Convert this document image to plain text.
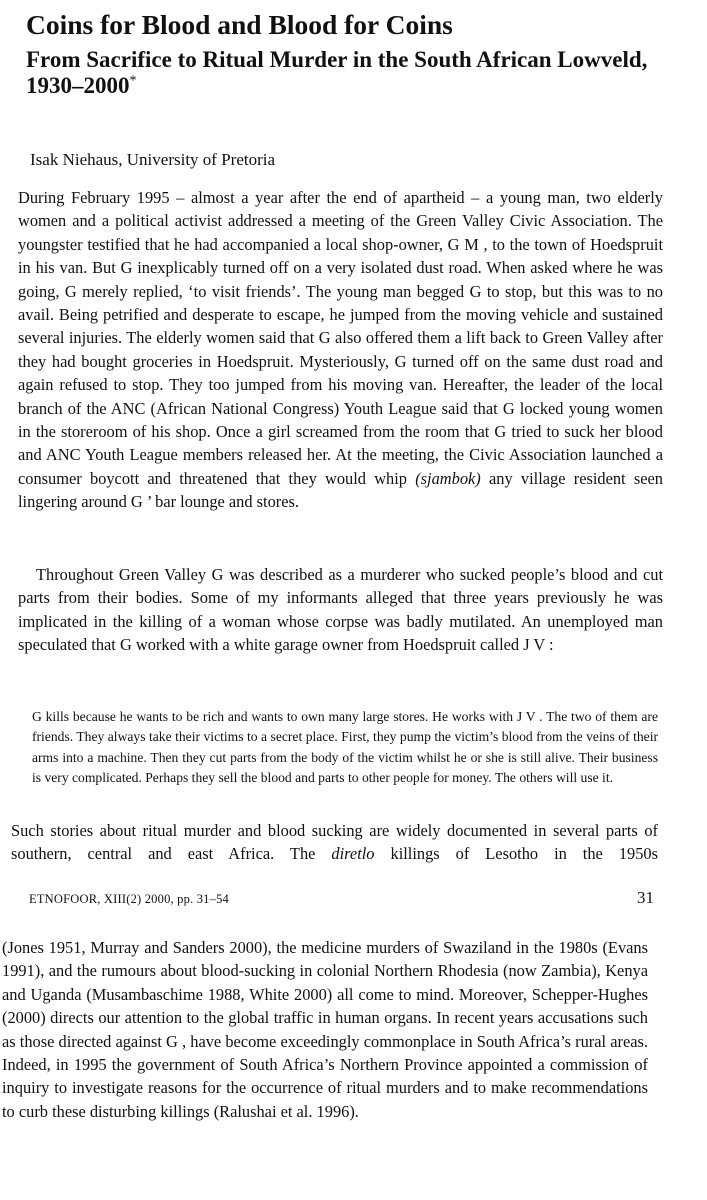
Coins for Blood and Blood for Coins
From Sacrifice to Ritual Murder in the South African Lowveld, 1930–2000*
Isak Niehaus, University of Pretoria
During February 1995 – almost a year after the end of apartheid – a young man, two elderly women and a political activist addressed a meeting of the Green Valley Civic Association. The youngster testified that he had accompanied a local shop-owner, G M , to the town of Hoedspruit in his van. But G inexplicably turned off on a very isolated dust road. When asked where he was going, G merely replied, ‘to visit friends’. The young man begged G to stop, but this was to no avail. Being petrified and desperate to escape, he jumped from the moving vehicle and sustained several injuries. The elderly women said that G also offered them a lift back to Green Valley after they had bought groceries in Hoedspruit. Mysteriously, G turned off on the same dust road and again refused to stop. They too jumped from his moving van. Hereafter, the leader of the local branch of the ANC (African National Congress) Youth League said that G locked young women in the storeroom of his shop. Once a girl screamed from the room that G tried to suck her blood and ANC Youth League members released her. At the meeting, the Civic Association launched a consumer boycott and threatened that they would whip (sjambok) any village resident seen lingering around G ’ bar lounge and stores.
Throughout Green Valley G was described as a murderer who sucked people’s blood and cut parts from their bodies. Some of my informants alleged that three years previously he was implicated in the killing of a woman whose corpse was badly mutilated. An unemployed man speculated that G worked with a white garage owner from Hoedspruit called J V :
G kills because he wants to be rich and wants to own many large stores. He works with J V . The two of them are friends. They always take their victims to a secret place. First, they pump the victim’s blood from the veins of their arms into a machine. Then they cut parts from the body of the victim whilst he or she is still alive. Their business is very complicated. Perhaps they sell the blood and parts to other people for money. The others will use it.
Such stories about ritual murder and blood sucking are widely documented in several parts of southern, central and east Africa. The diretlo killings of Lesotho in the 1950s
ETNOFOOR, XIII(2) 2000, pp. 31–54	31
(Jones 1951, Murray and Sanders 2000), the medicine murders of Swaziland in the 1980s (Evans 1991), and the rumours about blood-sucking in colonial Northern Rhodesia (now Zambia), Kenya and Uganda (Musambaschime 1988, White 2000) all come to mind. Moreover, Schepper-Hughes (2000) directs our attention to the global traffic in human organs. In recent years accusations such as those directed against G , have become exceedingly commonplace in South Africa’s rural areas. Indeed, in 1995 the government of South Africa’s Northern Province appointed a commission of inquiry to investigate reasons for the occurrence of ritual murders and to make recommendations to curb these disturbing killings (Ralushai et al. 1996).
